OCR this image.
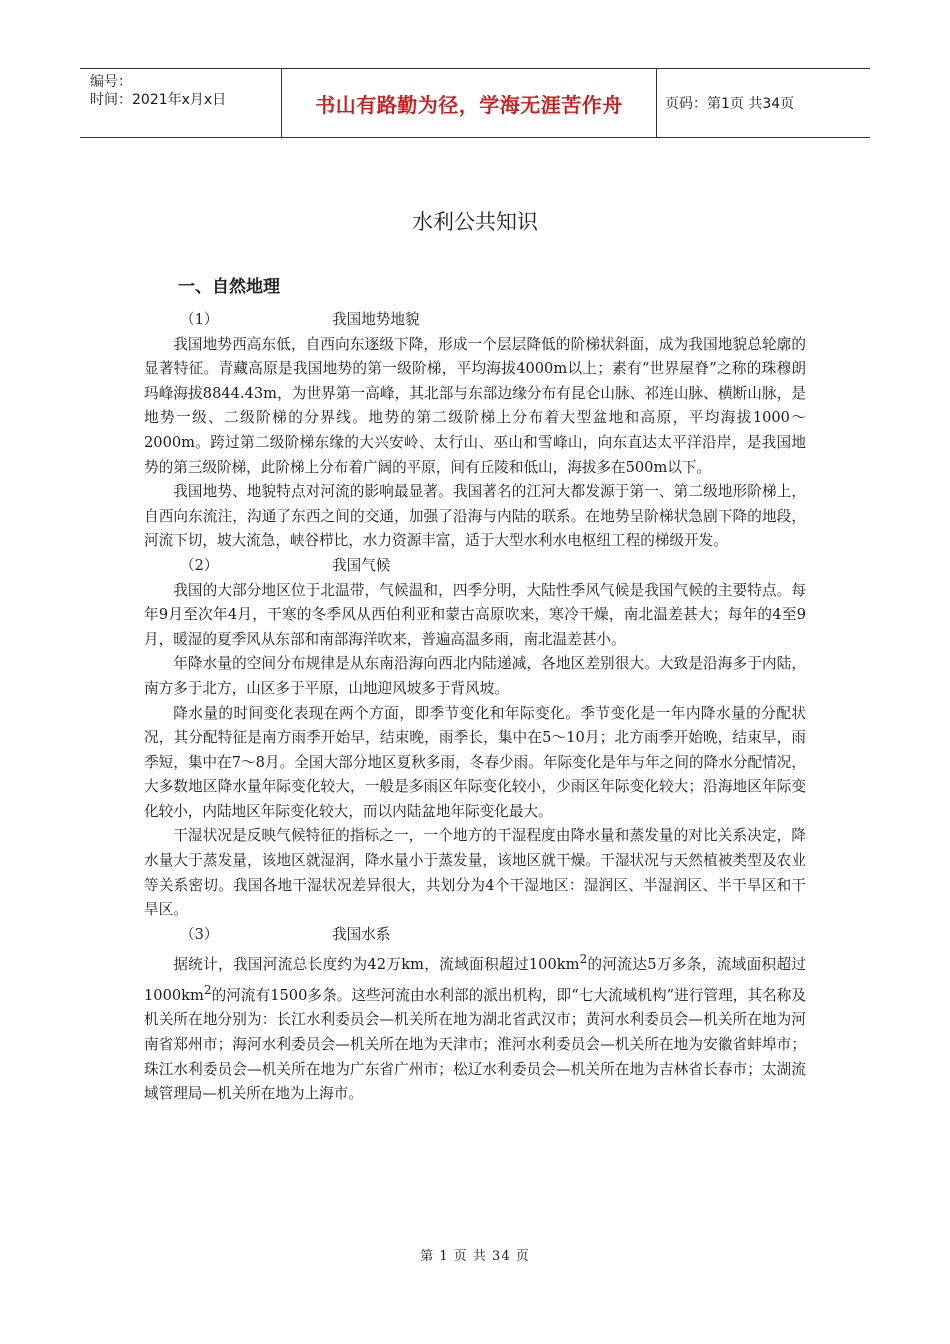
编号：
时间：2021年x月x日	书山有路勤为径，学海无涯苦作舟	页码：第1页 共34页
水利公共知识
一、自然地理
（1）	我国地势地貌

我国地势西高东低，自西向东逐级下降，形成一个层层降低的阶梯状斜面，成为我国地貌总轮廓的显著特征。青藏高原是我国地势的第一级阶梯，平均海拔4000m以上；素有“世界屋脊”之称的珠穆朗玛峰海拔8844.43m，为世界第一高峰，其北部与东部边缘分布有昆仑山脉、祁连山脉、横断山脉，是地势一级、二级阶梯的分界线。地势的第二级阶梯上分布着大型盆地和高原，平均海拔1000～2000m。跨过第二级阶梯东缘的大兴安岭、太行山、巫山和雪峰山，向东直达太平洋沿岸，是我国地势的第三级阶梯，此阶梯上分布着广阔的平原，间有丘陵和低山，海拔多在500m以下。

我国地势、地貌特点对河流的影响最显著。我国著名的江河大都发源于第一、第二级地形阶梯上，自西向东流注，沟通了东西之间的交通，加强了沿海与内陆的联系。在地势呈阶梯状急剧下降的地段，河流下切，坡大流急，峡谷栉比，水力资源丰富，适于大型水利水电枢纽工程的梯级开发。

（2）	我国气候

我国的大部分地区位于北温带，气候温和，四季分明，大陆性季风气候是我国气候的主要特点。每年9月至次年4月，干寒的冬季风从西伯利亚和蒙古高原吹来，寒冷干燥，南北温差甚大；每年的4至9月，暖湿的夏季风从东部和南部海洋吹来，普遍高温多雨，南北温差甚小。

年降水量的空间分布规律是从东南沿海向西北内陆递减，各地区差别很大。大致是沿海多于内陆，南方多于北方，山区多于平原，山地迎风坡多于背风坡。

降水量的时间变化表现在两个方面，即季节变化和年际变化。季节变化是一年内降水量的分配状况，其分配特征是南方雨季开始早，结束晚，雨季长，集中在5～10月；北方雨季开始晚，结束早，雨季短，集中在7～8月。全国大部分地区夏秋多雨，冬春少雨。年际变化是年与年之间的降水分配情况，大多数地区降水量年际变化较大，一般是多雨区年际变化较小，少雨区年际变化较大；沿海地区年际变化较小，内陆地区年际变化较大，而以内陆盆地年际变化最大。

干湿状况是反映气候特征的指标之一，一个地方的干湿程度由降水量和蒸发量的对比关系决定，降水量大于蒸发量，该地区就湿润，降水量小于蒸发量，该地区就干燥。干湿状况与天然植被类型及农业等关系密切。我国各地干湿状况差异很大，共划分为4个干湿地区：湿润区、半湿润区、半干旱区和干旱区。

（3）	我国水系

据统计，我国河流总长度约为42万km，流域面积超过$100km^2$的河流达5万多条，流域面积超过$1000km^2$的河流有1500多条。这些河流由水利部的派出机构，即“七大流域机构”进行管理，其名称及机关所在地分别为：长江水利委员会—机关所在地为湖北省武汉市；黄河水利委员会—机关所在地为河南省郑州市；海河水利委员会—机关所在地为天津市；淮河水利委员会—机关所在地为安徽省蚌埠市；珠江水利委员会—机关所在地为广东省广州市；松辽水利委员会—机关所在地为吉林省长春市；太湖流域管理局—机关所在地为上海市。

第 1 页 共 34 页
